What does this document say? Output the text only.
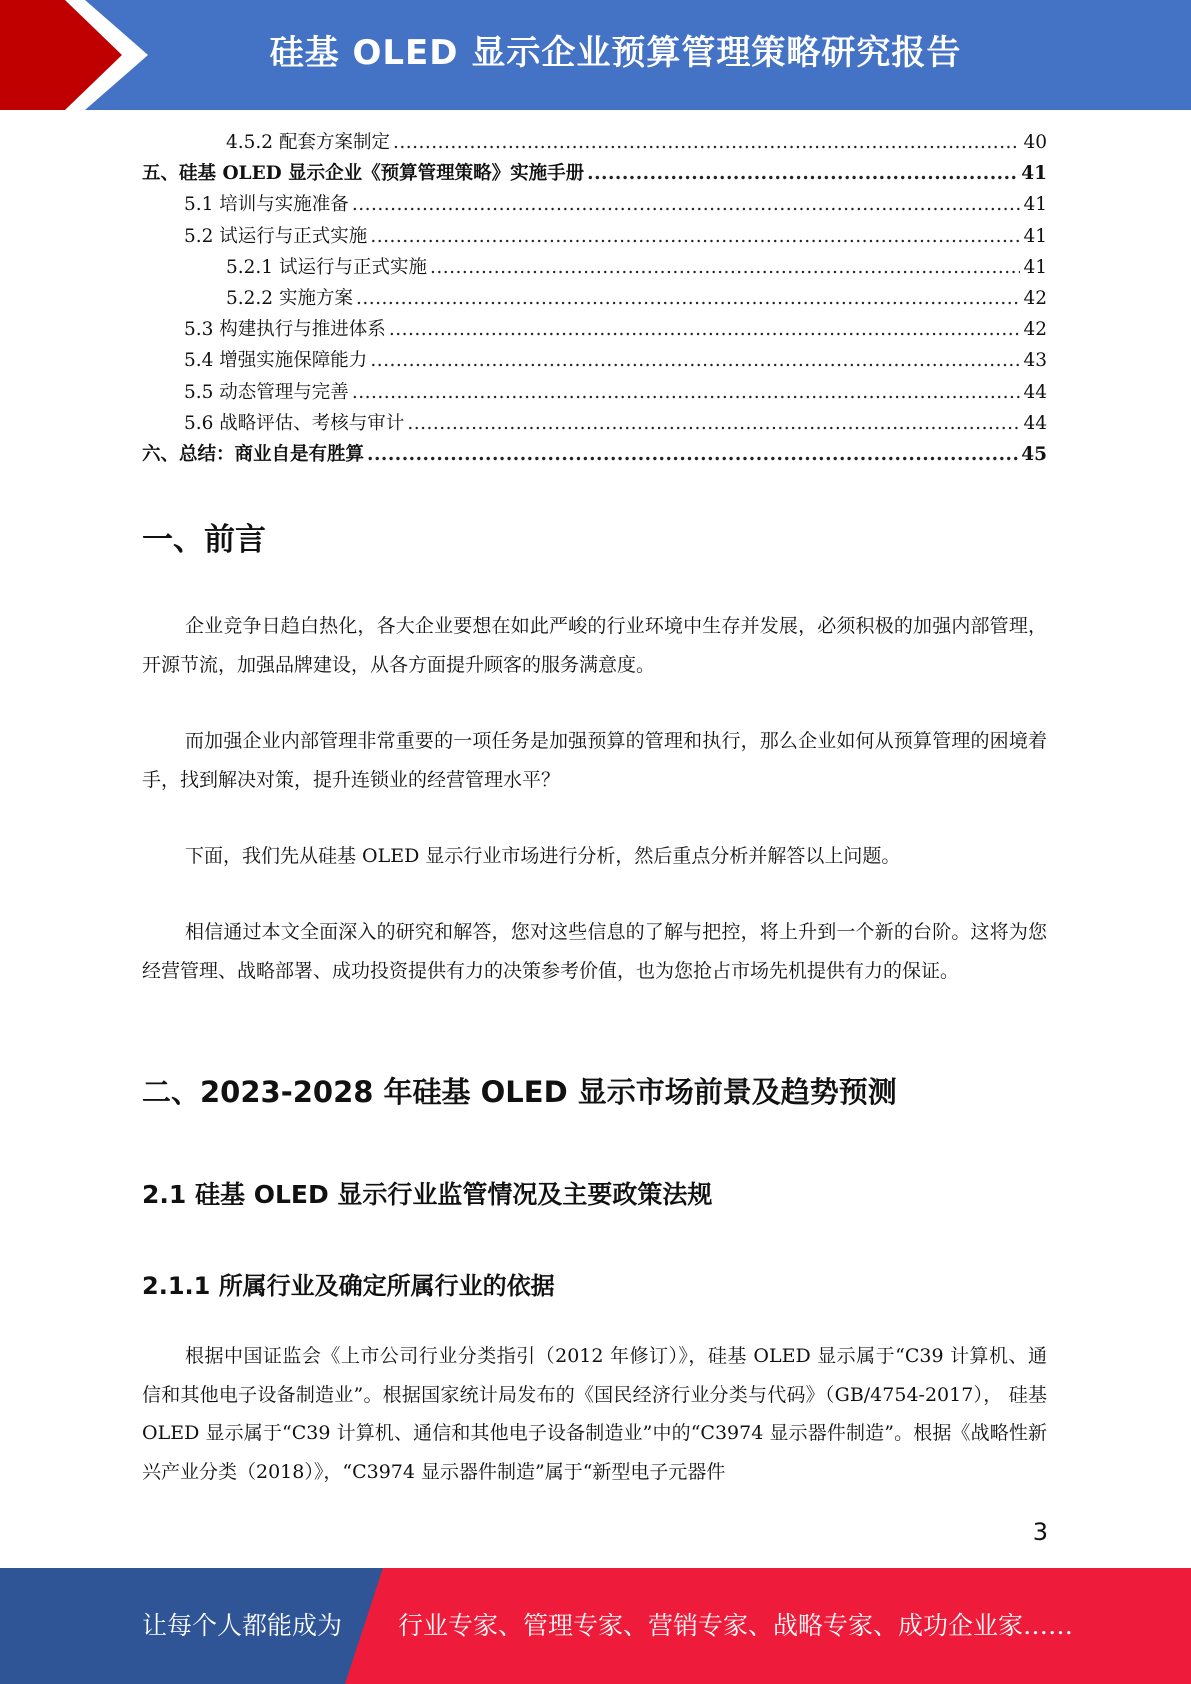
硅基 OLED 显示企业预算管理策略研究报告
4.5.2 配套方案制定 .....	40
五、硅基 OLED 显示企业《预算管理策略》实施手册 .....	41
5.1 培训与实施准备 .....	41
5.2 试运行与正式实施 .....	41
5.2.1 试运行与正式实施 .....	41
5.2.2 实施方案 .....	42
5.3 构建执行与推进体系 .....	42
5.4 增强实施保障能力 .....	43
5.5 动态管理与完善 .....	44
5.6 战略评估、考核与审计 .....	44
六、总结：商业自是有胜算 .....	45
一、前言

企业竞争日趋白热化，各大企业要想在如此严峻的行业环境中生存并发展，必须积极的加强内部管理，开源节流，加强品牌建设，从各方面提升顾客的服务满意度。

而加强企业内部管理非常重要的一项任务是加强预算的管理和执行，那么企业如何从预算管理的困境着手，找到解决对策，提升连锁业的经营管理水平？

下面，我们先从硅基 OLED 显示行业市场进行分析，然后重点分析并解答以上问题。

相信通过本文全面深入的研究和解答，您对这些信息的了解与把控，将上升到一个新的台阶。这将为您经营管理、战略部署、成功投资提供有力的决策参考价值，也为您抢占市场先机提供有力的保证。

二、2023-2028 年硅基 OLED 显示市场前景及趋势预测
2.1 硅基 OLED 显示行业监管情况及主要政策法规
2.1.1 所属行业及确定所属行业的依据

根据中国证监会《上市公司行业分类指引（2012 年修订）》，硅基 OLED 显示属于“C39 计算机、通信和其他电子设备制造业”。根据国家统计局发布的《国民经济行业分类与代码》（GB/4754-2017）， 硅基 OLED 显示属于“C39 计算机、通信和其他电子设备制造业”中的“C3974 显示器件制造”。根据《战略性新兴产业分类（2018）》，“C3974 显示器件制造”属于“新型电子元器件

3
让每个人都能成为 行业专家、管理专家、营销专家、战略专家、成功企业家……
